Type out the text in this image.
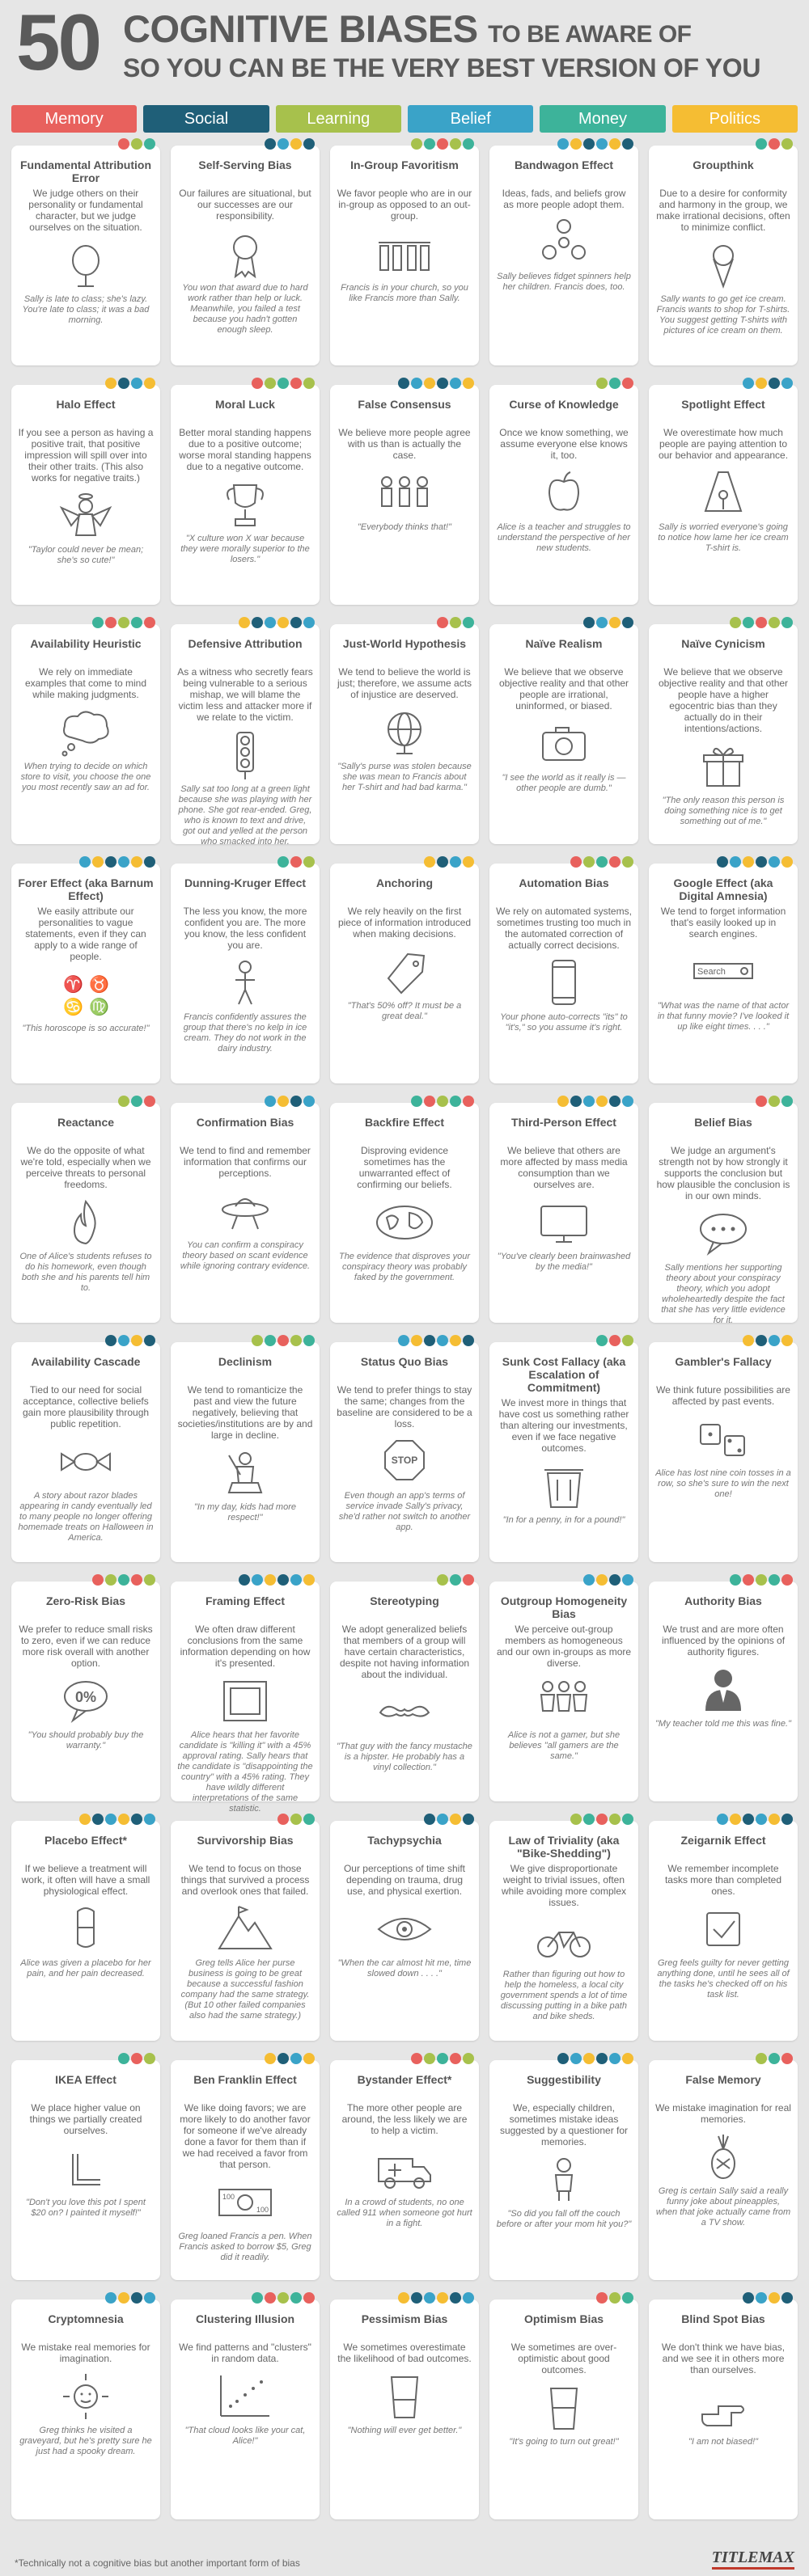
50 COGNITIVE BIASES TO BE AWARE OF
SO YOU CAN BE THE VERY BEST VERSION OF YOU
Memory	Social	Learning	Belief	Money	Politics
Fundamental Attribution Error
We judge others on their personality or fundamental character, but we judge ourselves on the situation.
Sally is late to class; she's lazy. You're late to class; it was a bad morning.
Self-Serving Bias
Our failures are situational, but our successes are our responsibility.
You won that award due to hard work rather than help or luck. Meanwhile, you failed a test because you hadn't gotten enough sleep.
In-Group Favoritism
We favor people who are in our in-group as opposed to an out-group.
Francis is in your church, so you like Francis more than Sally.
Bandwagon Effect
Ideas, fads, and beliefs grow as more people adopt them.
Sally believes fidget spinners help her children. Francis does, too.
Groupthink
Due to a desire for conformity and harmony in the group, we make irrational decisions, often to minimize conflict.
Sally wants to go get ice cream. Francis wants to shop for T-shirts. You suggest getting T-shirts with pictures of ice cream on them.
Halo Effect
If you see a person as having a positive trait, that positive impression will spill over into their other traits. (This also works for negative traits.)
"Taylor could never be mean; she's so cute!"
Moral Luck
Better moral standing happens due to a positive outcome; worse moral standing happens due to a negative outcome.
"X culture won X war because they were morally superior to the losers."
False Consensus
We believe more people agree with us than is actually the case.
"Everybody thinks that!"
Curse of Knowledge
Once we know something, we assume everyone else knows it, too.
Alice is a teacher and struggles to understand the perspective of her new students.
Spotlight Effect
We overestimate how much people are paying attention to our behavior and appearance.
Sally is worried everyone's going to notice how lame her ice cream T-shirt is.
Availability Heuristic
We rely on immediate examples that come to mind while making judgments.
When trying to decide on which store to visit, you choose the one you most recently saw an ad for.
Defensive Attribution
As a witness who secretly fears being vulnerable to a serious mishap, we will blame the victim less and attacker more if we relate to the victim.
Sally sat too long at a green light because she was playing with her phone. She got rear-ended. Greg, who is known to text and drive, got out and yelled at the person who smacked into her.
Just-World Hypothesis
We tend to believe the world is just; therefore, we assume acts of injustice are deserved.
"Sally's purse was stolen because she was mean to Francis about her T-shirt and had bad karma."
Naïve Realism
We believe that we observe objective reality and that other people are irrational, uninformed, or biased.
"I see the world as it really is — other people are dumb."
Naïve Cynicism
We believe that we observe objective reality and that other people have a higher egocentric bias than they actually do in their intentions/actions.
"The only reason this person is doing something nice is to get something out of me."
Forer Effect (aka Barnum Effect)
We easily attribute our personalities to vague statements, even if they can apply to a wide range of people.
♈ ♉
♋ ♍
"This horoscope is so accurate!"
Dunning-Kruger Effect
The less you know, the more confident you are. The more you know, the less confident you are.
Francis confidently assures the group that there's no kelp in ice cream. They do not work in the dairy industry.
Anchoring
We rely heavily on the first piece of information introduced when making decisions.
"That's 50% off? It must be a great deal."
Automation Bias
We rely on automated systems, sometimes trusting too much in the automated correction of actually correct decisions.
Your phone auto-corrects "its" to "it's," so you assume it's right.
Google Effect (aka Digital Amnesia)
We tend to forget information that's easily looked up in search engines.
Search
"What was the name of that actor in that funny movie? I've looked it up like eight times. . . ."
Reactance
We do the opposite of what we're told, especially when we perceive threats to personal freedoms.
One of Alice's students refuses to do his homework, even though both she and his parents tell him to.
Confirmation Bias
We tend to find and remember information that confirms our perceptions.
You can confirm a conspiracy theory based on scant evidence while ignoring contrary evidence.
Backfire Effect
Disproving evidence sometimes has the unwarranted effect of confirming our beliefs.
The evidence that disproves your conspiracy theory was probably faked by the government.
Third-Person Effect
We believe that others are more affected by mass media consumption than we ourselves are.
"You've clearly been brainwashed by the media!"
Belief Bias
We judge an argument's strength not by how strongly it supports the conclusion but how plausible the conclusion is in our own minds.
Sally mentions her supporting theory about your conspiracy theory, which you adopt wholeheartedly despite the fact that she has very little evidence for it.
Availability Cascade
Tied to our need for social acceptance, collective beliefs gain more plausibility through public repetition.
A story about razor blades appearing in candy eventually led to many people no longer offering homemade treats on Halloween in America.
Declinism
We tend to romanticize the past and view the future negatively, believing that societies/institutions are by and large in decline.
"In my day, kids had more respect!"
Status Quo Bias
We tend to prefer things to stay the same; changes from the baseline are considered to be a loss.
STOP
Even though an app's terms of service invade Sally's privacy, she'd rather not switch to another app.
Sunk Cost Fallacy (aka Escalation of Commitment)
We invest more in things that have cost us something rather than altering our investments, even if we face negative outcomes.
"In for a penny, in for a pound!"
Gambler's Fallacy
We think future possibilities are affected by past events.
Alice has lost nine coin tosses in a row, so she's sure to win the next one!
Zero-Risk Bias
We prefer to reduce small risks to zero, even if we can reduce more risk overall with another option.
0%
"You should probably buy the warranty."
Framing Effect
We often draw different conclusions from the same information depending on how it's presented.
Alice hears that her favorite candidate is "killing it" with a 45% approval rating. Sally hears that the candidate is "disappointing the country" with a 45% rating. They have wildly different interpretations of the same statistic.
Stereotyping
We adopt generalized beliefs that members of a group will have certain characteristics, despite not having information about the individual.
"That guy with the fancy mustache is a hipster. He probably has a vinyl collection."
Outgroup Homogeneity Bias
We perceive out-group members as homogeneous and our own in-groups as more diverse.
Alice is not a gamer, but she believes "all gamers are the same."
Authority Bias
We trust and are more often influenced by the opinions of authority figures.
"My teacher told me this was fine."
Placebo Effect*
If we believe a treatment will work, it often will have a small physiological effect.
Alice was given a placebo for her pain, and her pain decreased.
Survivorship Bias
We tend to focus on those things that survived a process and overlook ones that failed.
Greg tells Alice her purse business is going to be great because a successful fashion company had the same strategy. (But 10 other failed companies also had the same strategy.)
Tachypsychia
Our perceptions of time shift depending on trauma, drug use, and physical exertion.
"When the car almost hit me, time slowed down . . . ."
Law of Triviality (aka "Bike-Shedding")
We give disproportionate weight to trivial issues, often while avoiding more complex issues.
Rather than figuring out how to help the homeless, a local city government spends a lot of time discussing putting in a bike path and bike sheds.
Zeigarnik Effect
We remember incomplete tasks more than completed ones.
Greg feels guilty for never getting anything done, until he sees all of the tasks he's checked off on his task list.
IKEA Effect
We place higher value on things we partially created ourselves.
"Don't you love this pot I spent $20 on? I painted it myself!"
Ben Franklin Effect
We like doing favors; we are more likely to do another favor for someone if we've already done a favor for them than if we had received a favor from that person.
100
100
Greg loaned Francis a pen. When Francis asked to borrow $5, Greg did it readily.
Bystander Effect*
The more other people are around, the less likely we are to help a victim.
In a crowd of students, no one called 911 when someone got hurt in a fight.
Suggestibility
We, especially children, sometimes mistake ideas suggested by a questioner for memories.
"So did you fall off the couch before or after your mom hit you?"
False Memory
We mistake imagination for real memories.
Greg is certain Sally said a really funny joke about pineapples, when that joke actually came from a TV show.
Cryptomnesia
We mistake real memories for imagination.
Greg thinks he visited a graveyard, but he's pretty sure he just had a spooky dream.
Clustering Illusion
We find patterns and "clusters" in random data.
"That cloud looks like your cat, Alice!"
Pessimism Bias
We sometimes overestimate the likelihood of bad outcomes.
"Nothing will ever get better."
Optimism Bias
We sometimes are over-optimistic about good outcomes.
"It's going to turn out great!"
Blind Spot Bias
We don't think we have bias, and we see it in others more than ourselves.
"I am not biased!"
*Technically not a cognitive bias but another important form of bias	TITLEMAX
